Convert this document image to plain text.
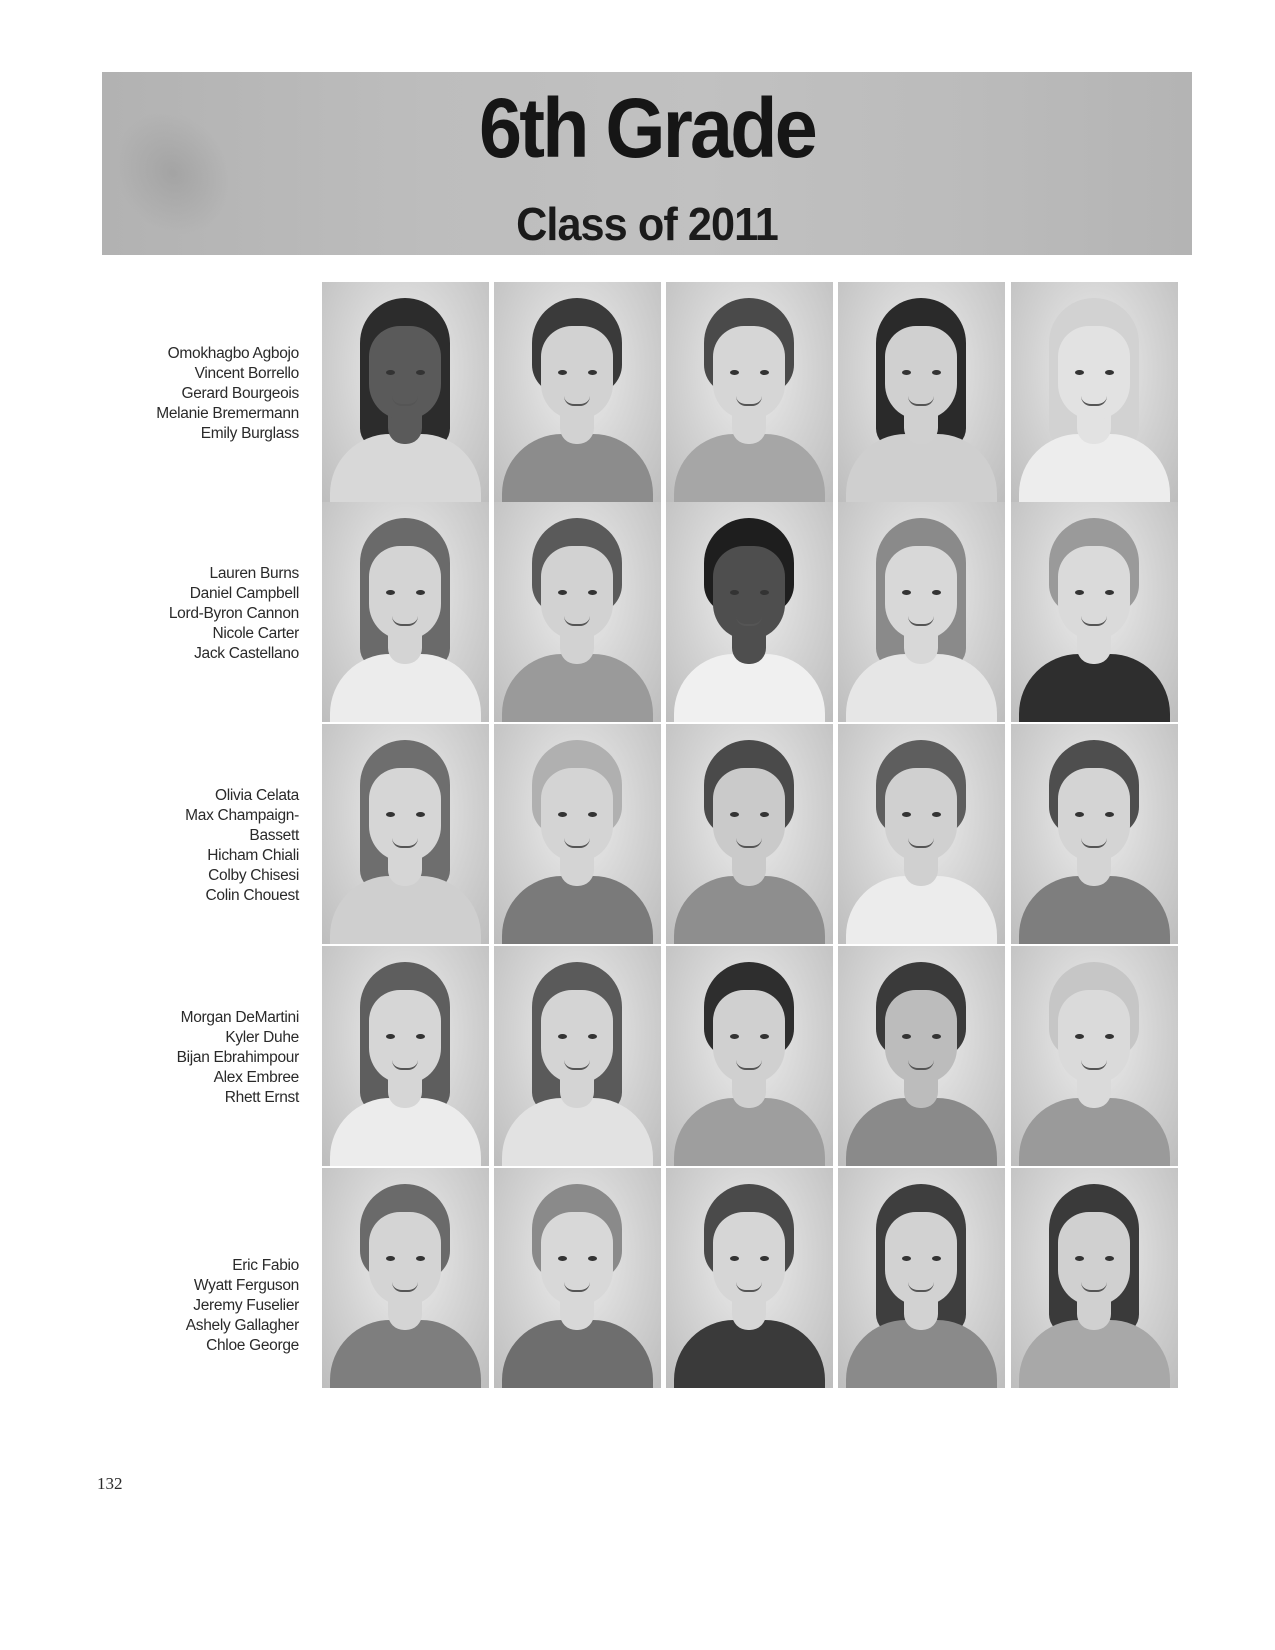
6th Grade
Class of 2011
Omokhagbo Agbojo
Vincent Borrello
Gerard Bourgeois
Melanie Bremermann
Emily Burglass
Lauren Burns
Daniel Campbell
Lord-Byron Cannon
Nicole Carter
Jack Castellano
Olivia Celata
Max Champaign-
Bassett
Hicham Chiali
Colby Chisesi
Colin Chouest
Morgan DeMartini
Kyler Duhe
Bijan Ebrahimpour
Alex Embree
Rhett Ernst
Eric Fabio
Wyatt Ferguson
Jeremy Fuselier
Ashely Gallagher
Chloe George
132
